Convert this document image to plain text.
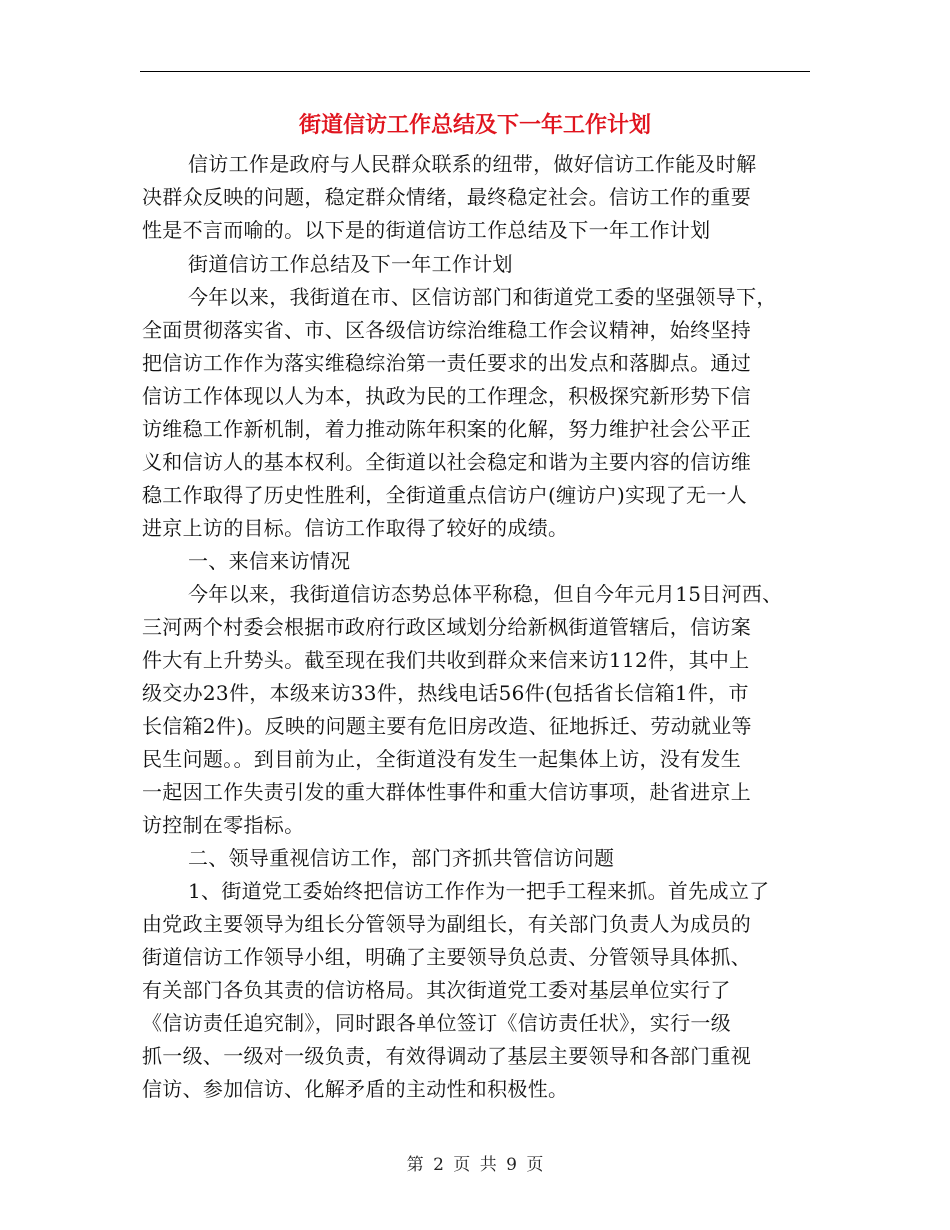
街道信访工作总结及下一年工作计划
信访工作是政府与人民群众联系的纽带，做好信访工作能及时解
决群众反映的问题，稳定群众情绪，最终稳定社会。信访工作的重要
性是不言而喻的。以下是的街道信访工作总结及下一年工作计划
街道信访工作总结及下一年工作计划
今年以来，我街道在市、区信访部门和街道党工委的坚强领导下，
全面贯彻落实省、市、区各级信访综治维稳工作会议精神，始终坚持
把信访工作作为落实维稳综治第一责任要求的出发点和落脚点。通过
信访工作体现以人为本，执政为民的工作理念，积极探究新形势下信
访维稳工作新机制，着力推动陈年积案的化解，努力维护社会公平正
义和信访人的基本权利。全街道以社会稳定和谐为主要内容的信访维
稳工作取得了历史性胜利，全街道重点信访户(缠访户)实现了无一人
进京上访的目标。信访工作取得了较好的成绩。
一、来信来访情况
今年以来，我街道信访态势总体平称稳，但自今年元月15日河西、
三河两个村委会根据市政府行政区域划分给新枫街道管辖后，信访案
件大有上升势头。截至现在我们共收到群众来信来访112件，其中上
级交办23件，本级来访33件，热线电话56件(包括省长信箱1件，市
长信箱2件)。反映的问题主要有危旧房改造、征地拆迁、劳动就业等
民生问题。。到目前为止，全街道没有发生一起集体上访，没有发生
一起因工作失责引发的重大群体性事件和重大信访事项，赴省进京上
访控制在零指标。
二、领导重视信访工作，部门齐抓共管信访问题
1、街道党工委始终把信访工作作为一把手工程来抓。首先成立了
由党政主要领导为组长分管领导为副组长，有关部门负责人为成员的
街道信访工作领导小组，明确了主要领导负总责、分管领导具体抓、
有关部门各负其责的信访格局。其次街道党工委对基层单位实行了
《信访责任追究制》，同时跟各单位签订《信访责任状》，实行一级
抓一级、一级对一级负责，有效得调动了基层主要领导和各部门重视
信访、参加信访、化解矛盾的主动性和积极性。
第 2 页 共 9 页
